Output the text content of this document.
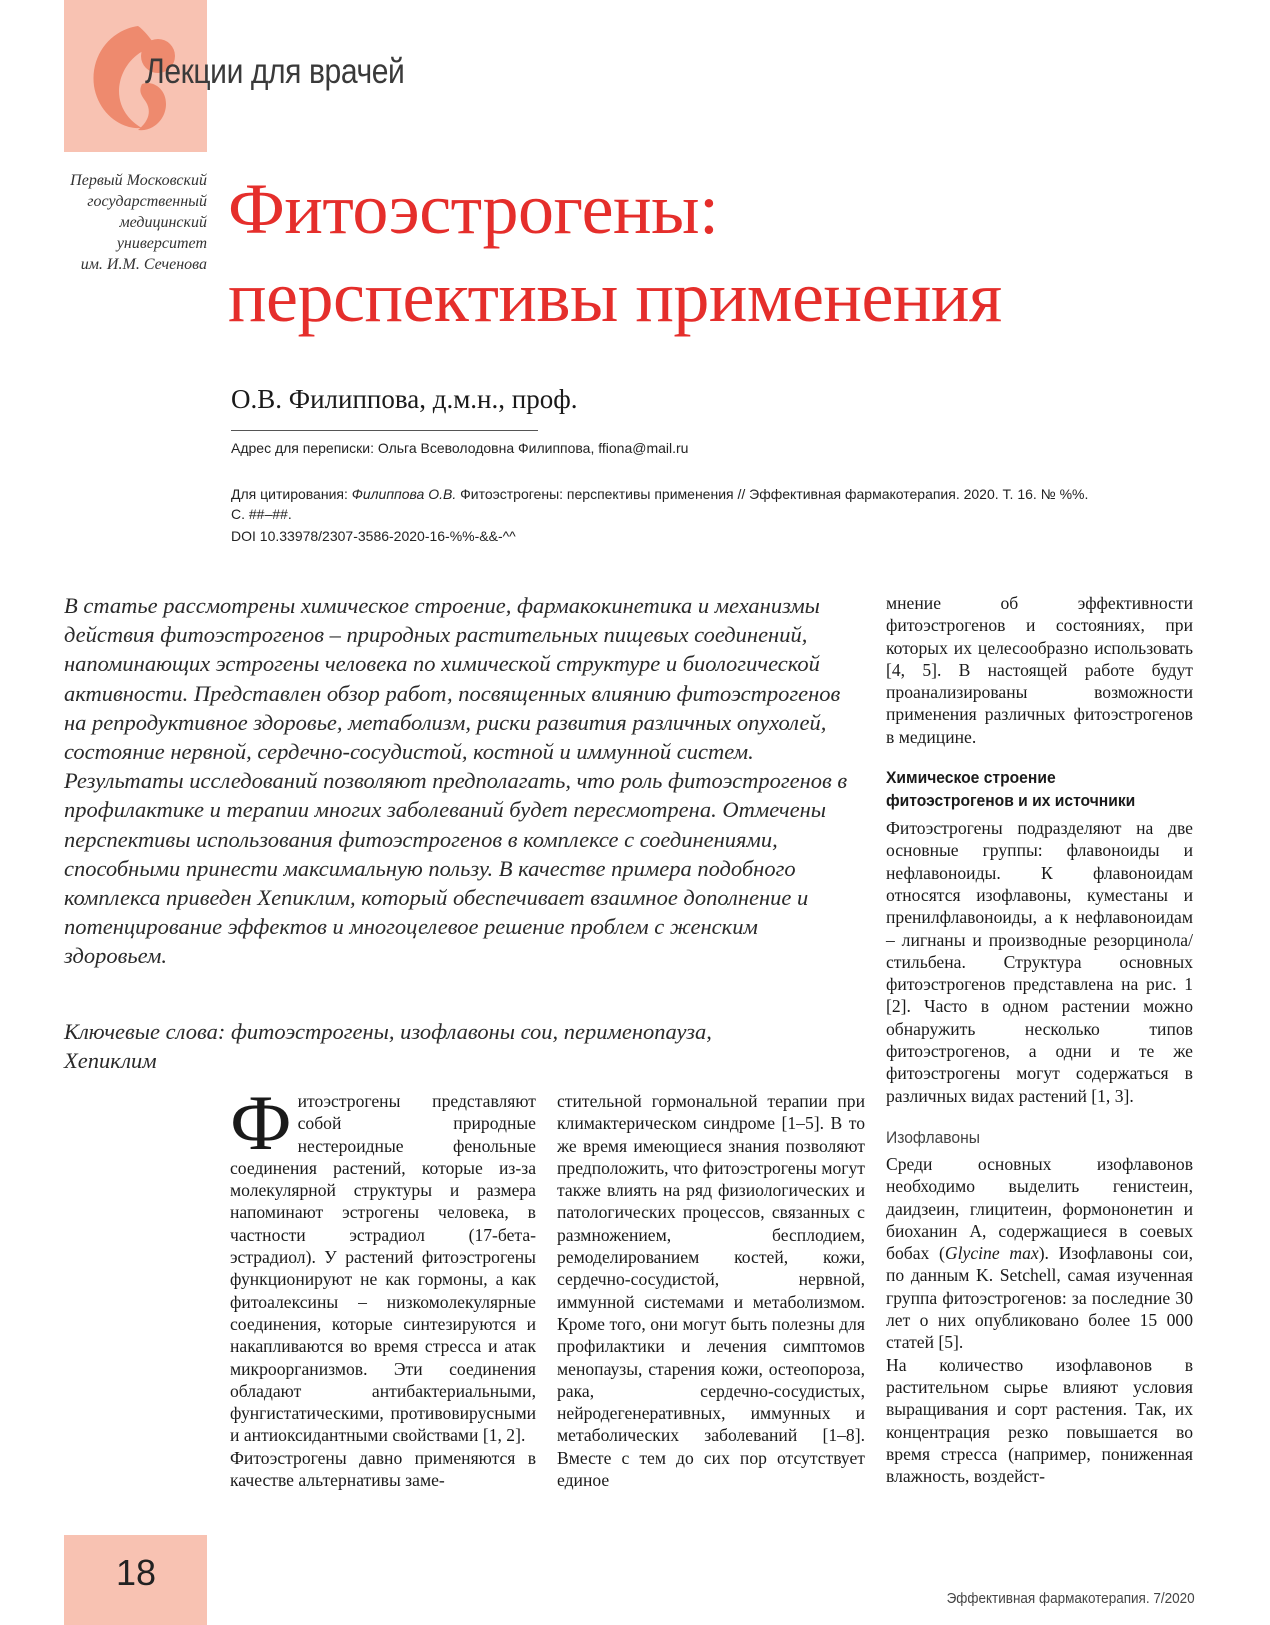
Лекции для врачей
Первый Московский
государственный
медицинский
университет
им. И.М. Сеченова
Фитоэстрогены:
перспективы применения
О.В. Филиппова, д.м.н., проф.
Адрес для переписки: Ольга Всеволодовна Филиппова, ffiona@mail.ru
Для цитирования: Филиппова О.В. Фитоэстрогены: перспективы применения // Эффективная фармакотерапия. 2020. Т. 16. № %%.
С. ##–##.
DOI 10.33978/2307-3586-2020-16-%%-&&-^^
В статье рассмотрены химическое строение, фармакокинетика и механизмы действия фитоэстрогенов – природных растительных пищевых соединений, напоминающих эстрогены человека по химической структуре и биологической активности. Представлен обзор работ, посвященных влиянию фитоэстрогенов на репродуктивное здоровье, метаболизм, риски развития различных опухолей, состояние нервной, сердечно-сосудистой, костной и иммунной систем. Результаты исследований позволяют предполагать, что роль фитоэстрогенов в профилактике и терапии многих заболеваний будет пересмотрена. Отмечены перспективы использования фитоэстрогенов в комплексе с соединениями, способными принести максимальную пользу. В качестве примера подобного комплекса приведен Хепиклим, который обеспечивает взаимное дополнение и потенцирование эффектов и многоцелевое решение проблем с женским здоровьем.
Ключевые слова: фитоэстрогены, изофлавоны сои, перименопауза, Хепиклим

Фитоэстрогены представляют собой природные нестероидные фенольные соединения растений, которые из-за молекулярной структуры и размера напоминают эстрогены человека, в частности эстрадиол (17-бета-эстрадиол). У растений фитоэстрогены функционируют не как гормоны, а как фитоалексины – низкомолекулярные соединения, которые синтезируются и накапливаются во время стресса и атак микроорганизмов. Эти соединения обладают антибактериальными, фунгистатическими, противовирусными и антиоксидантными свойствами [1, 2].

Фитоэстрогены давно применяются в качестве альтернативы заме-

стительной гормональной терапии при климактерическом синдроме [1–5]. В то же время имеющиеся знания позволяют предположить, что фитоэстрогены могут также влиять на ряд физиологических и патологических процессов, связанных с размножением, бесплодием, ремоделированием костей, кожи, сердечно-сосудистой, нервной, иммунной системами и метаболизмом. Кроме того, они могут быть полезны для профилактики и лечения симптомов менопаузы, старения кожи, остеопороза, рака, сердечно-сосудистых, нейродегенеративных, иммунных и метаболических заболеваний [1–8]. Вместе с тем до сих пор отсутствует единое

мнение об эффективности фитоэстрогенов и состояниях, при которых их целесообразно использовать [4, 5]. В настоящей работе будут проанализированы возможности применения различных фитоэстрогенов в медицине.

Химическое строение фитоэстрогенов и их источники

Фитоэстрогены подразделяют на две основные группы: флавоноиды и нефлавоноиды. К флавоноидам относятся изофлавоны, куместаны и пренилфлавоноиды, а к нефлавоноидам – лигнаны и производные резорцинола/стильбена. Структура основных фитоэстрогенов представлена на рис. 1 [2]. Часто в одном растении можно обнаружить несколько типов фитоэстрогенов, а одни и те же фитоэстрогены могут содержаться в различных видах растений [1, 3].

Изофлавоны

Среди основных изофлавонов необходимо выделить генистеин, даидзеин, глицитеин, формононетин и биоханин А, содержащиеся в соевых бобах (Glycine max). Изофлавоны сои, по данным K. Setchell, самая изученная группа фитоэстрогенов: за последние 30 лет о них опубликовано более 15 000 статей [5].

На количество изофлавонов в растительном сырье влияют условия выращивания и сорт растения. Так, их концентрация резко повышается во время стресса (например, пониженная влажность, воздейст-

18
Эффективная фармакотерапия. 7/2020
